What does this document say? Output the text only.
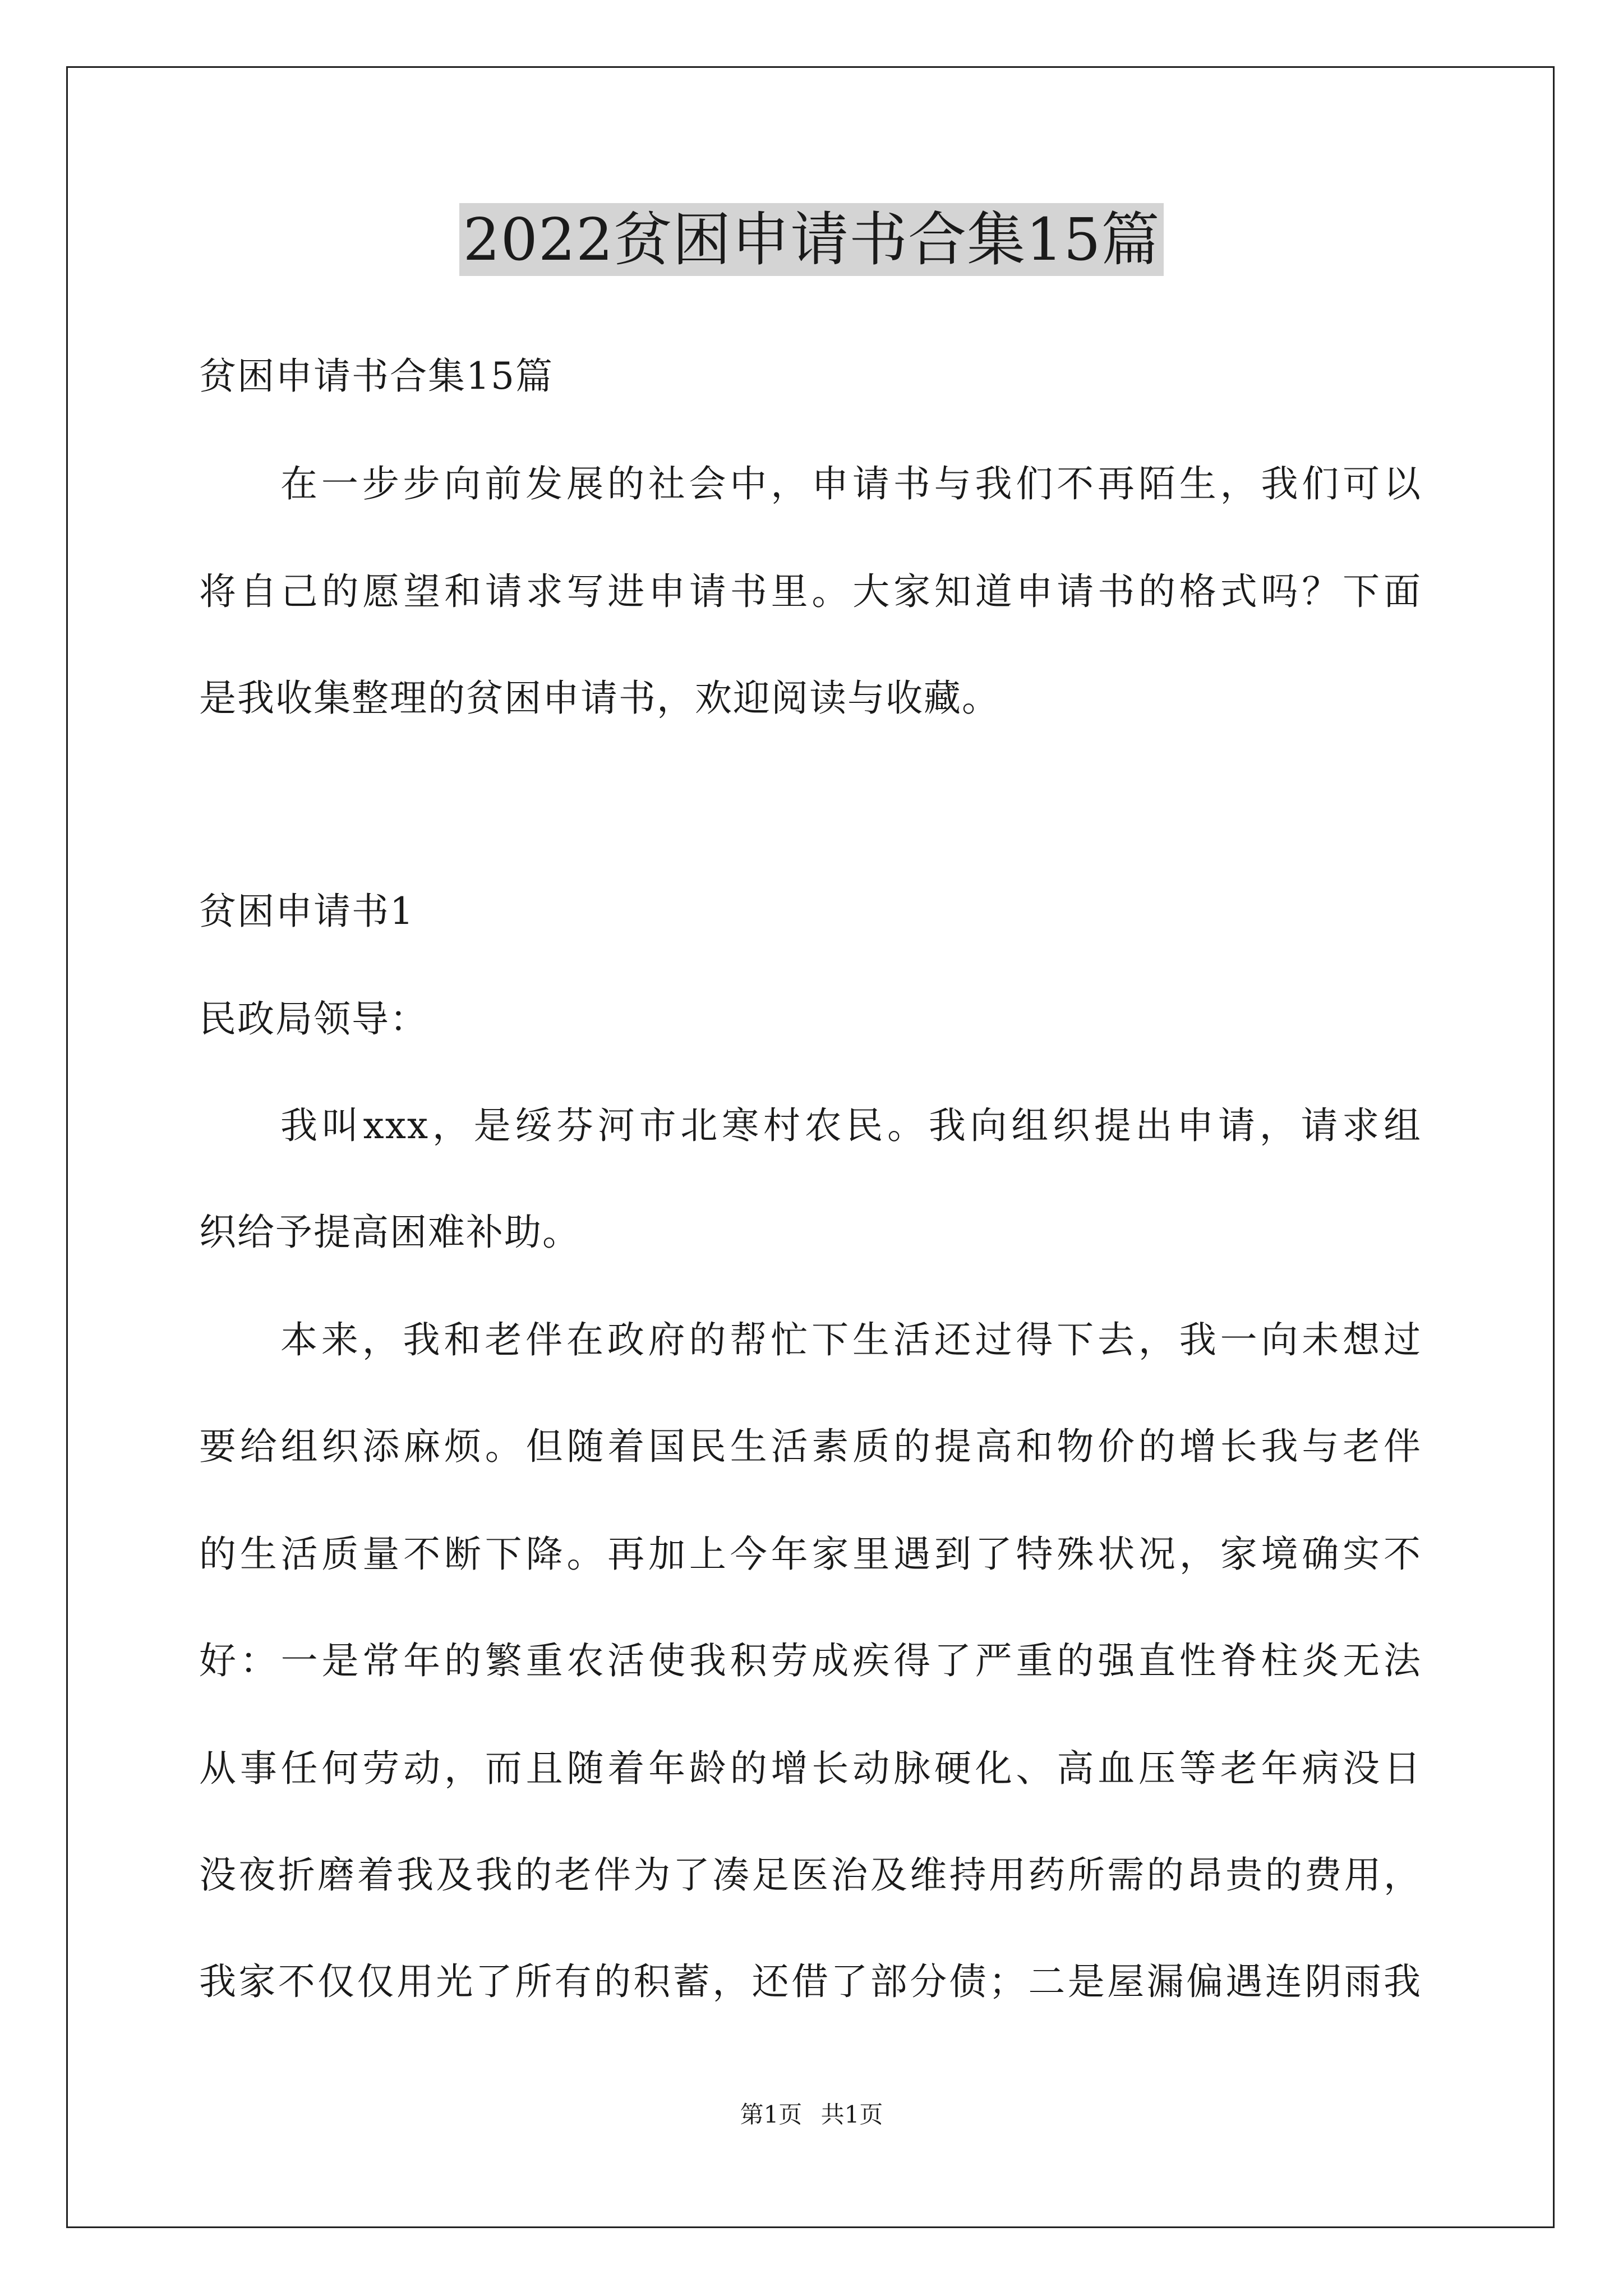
2022贫困申请书合集15篇
贫困申请书合集15篇
在一步步向前发展的社会中，申请书与我们不再陌生，我们可以
将自己的愿望和请求写进申请书里。大家知道申请书的格式吗？下面
是我收集整理的贫困申请书，欢迎阅读与收藏。
贫困申请书1
民政局领导：
我叫xxx，是绥芬河市北寒村农民。我向组织提出申请，请求组
织给予提高困难补助。
本来，我和老伴在政府的帮忙下生活还过得下去，我一向未想过
要给组织添麻烦。但随着国民生活素质的提高和物价的增长我与老伴
的生活质量不断下降。再加上今年家里遇到了特殊状况，家境确实不
好：一是常年的繁重农活使我积劳成疾得了严重的强直性脊柱炎无法
从事任何劳动，而且随着年龄的增长动脉硬化、高血压等老年病没日
没夜折磨着我及我的老伴为了凑足医治及维持用药所需的昂贵的费用，
我家不仅仅用光了所有的积蓄，还借了部分债；二是屋漏偏遇连阴雨我
第1页 共1页
